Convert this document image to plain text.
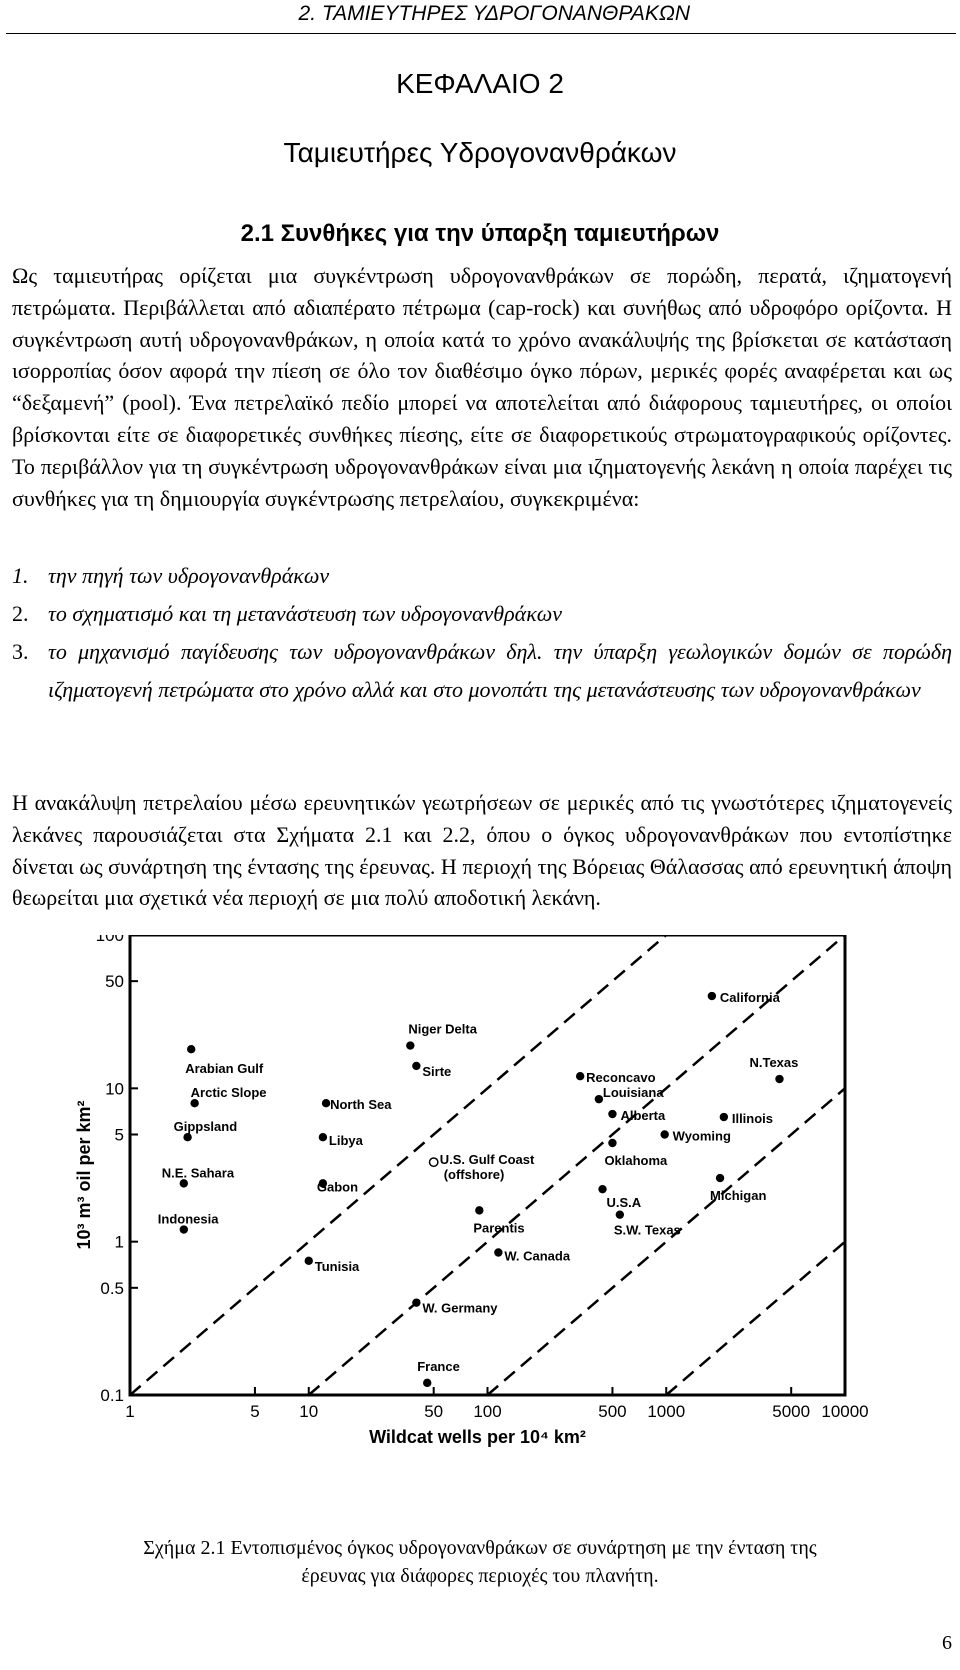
2. ΤΑΜΙΕΥΤΗΡΕΣ ΥΔΡΟΓΟΝΑΝΘΡΑΚΩΝ
ΚΕΦΑΛΑΙΟ 2
Ταμιευτήρες Υδρογονανθράκων
2.1 Συνθήκες για την ύπαρξη ταμιευτήρων
Ως ταμιευτήρας ορίζεται μια συγκέντρωση υδρογονανθράκων σε πορώδη, περατά, ιζηματογενή πετρώματα. Περιβάλλεται από αδιαπέρατο πέτρωμα (cap-rock) και συνήθως από υδροφόρο ορίζοντα. Η συγκέντρωση αυτή υδρογονανθράκων, η οποία κατά το χρόνο ανακάλυψής της βρίσκεται σε κατάσταση ισορροπίας όσον αφορά την πίεση σε όλο τον διαθέσιμο όγκο πόρων, μερικές φορές αναφέρεται και ως “δεξαμενή” (pool). Ένα πετρελαϊκό πεδίο μπορεί να αποτελείται από διάφορους ταμιευτήρες, οι οποίοι βρίσκονται είτε σε διαφορετικές συνθήκες πίεσης, είτε σε διαφορετικούς στρωματογραφικούς ορίζοντες. Το περιβάλλον για τη συγκέντρωση υδρογονανθράκων είναι μια ιζηματογενής λεκάνη η οποία παρέχει τις συνθήκες για τη δημιουργία συγκέντρωσης πετρελαίου, συγκεκριμένα:
1. την πηγή των υδρογονανθράκων
2. το σχηματισμό και τη μετανάστευση των υδρογονανθράκων
3. το μηχανισμό παγίδευσης των υδρογονανθράκων δηλ. την ύπαρξη γεωλογικών δομών σε πορώδη ιζηματογενή πετρώματα στο χρόνο αλλά και στο μονοπάτι της μετανάστευσης των υδρογονανθράκων
Η ανακάλυψη πετρελαίου μέσω ερευνητικών γεωτρήσεων σε μερικές από τις γνωστότερες ιζηματογενείς λεκάνες παρουσιάζεται στα Σχήματα 2.1 και 2.2, όπου ο όγκος υδρογονανθράκων που εντοπίστηκε δίνεται ως συνάρτηση της έντασης της έρευνας. Η περιοχή της Βόρειας Θάλασσας από ερευνητική άποψη θεωρείται μια σχετικά νέα περιοχή σε μια πολύ αποδοτική λεκάνη.
1	5 10	50 100	500 1000	5000 10000
0.1
0.5
1
5
10
50
100
Wildcat wells per 10⁴ km²
10³ m³ oil per km²
California
Arabian Gulf
Niger Delta
Sirte	Reconcavo
N.Texas
Arctic Slope
North Sea
Louisiana
Alberta	Illinois
Gippsland
Libya	Wyoming
Oklahoma
U.S. Gulf Coast
(offshore)
N.E. Sahara
Gabon
Michigan
U.S.A
Parentis	S.W. Texas
Indonesia
W. Canada
Tunisia
W. Germany
France
Σχήμα 2.1 Εντοπισμένος όγκος υδρογονανθράκων σε συνάρτηση με την ένταση της
έρευνας για διάφορες περιοχές του πλανήτη.
6
